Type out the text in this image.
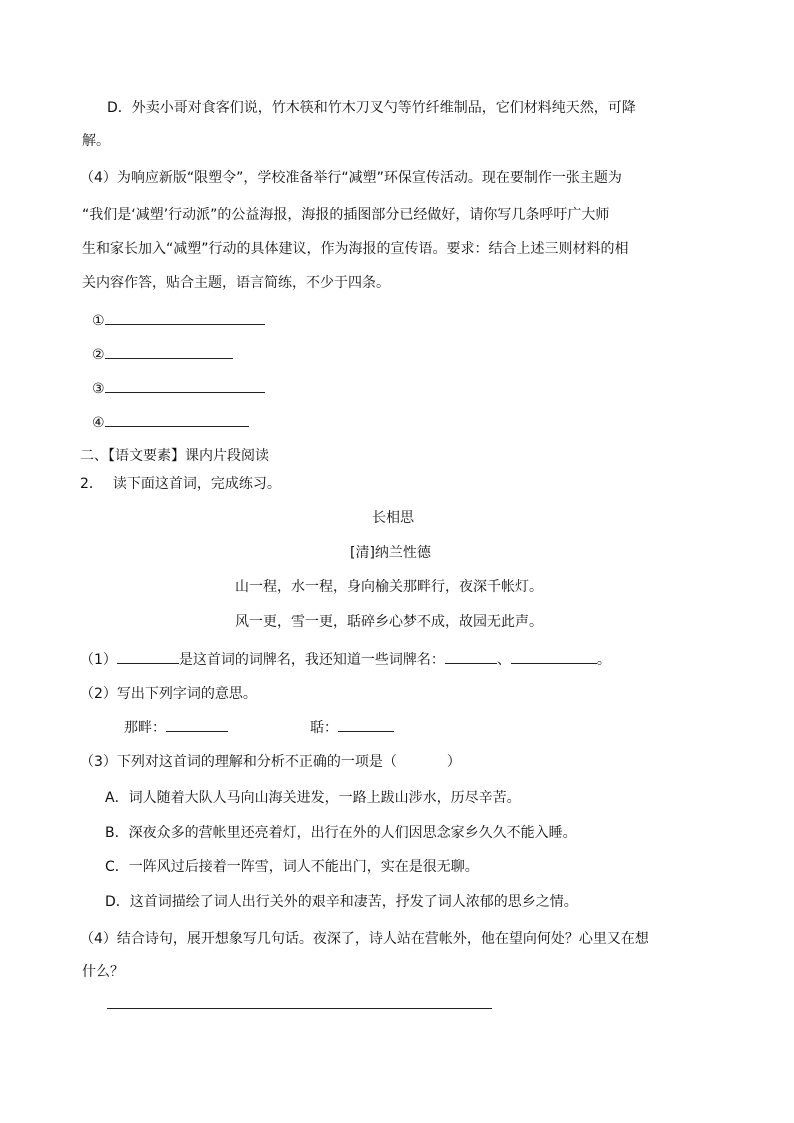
D．外卖小哥对食客们说，竹木筷和竹木刀叉勺等竹纤维制品，它们材料纯天然，可降
解。
（4）为响应新版“限塑令”，学校准备举行“减塑”环保宣传活动。现在要制作一张主题为
“我们是‘减塑’行动派”的公益海报，海报的插图部分已经做好，请你写几条呼吁广大师
生和家长加入“减塑”行动的具体建议，作为海报的宣传语。要求：结合上述三则材料的相
关内容作答，贴合主题，语言简练，不少于四条。
①
②
③
④
二、【语文要素】课内片段阅读
2． 读下面这首词，完成练习。
长相思
[清]纳兰性德
山一程，水一程，身向榆关那畔行，夜深千帐灯。
风一更，雪一更，聒碎乡心梦不成，故园无此声。
（1）	是这首词的词牌名，我还知道一些词牌名：	、	。
（2）写出下列字词的意思。
那畔：	聒：
（3）下列对这首词的理解和分析不正确的一项是（	）
A．词人随着大队人马向山海关进发，一路上跋山涉水，历尽辛苦。
B．深夜众多的营帐里还亮着灯，出行在外的人们因思念家乡久久不能入睡。
C．一阵风过后接着一阵雪，词人不能出门，实在是很无聊。
D．这首词描绘了词人出行关外的艰辛和凄苦，抒发了词人浓郁的思乡之情。
（4）结合诗句，展开想象写几句话。夜深了，诗人站在营帐外，他在望向何处？心里又在想
什么？
